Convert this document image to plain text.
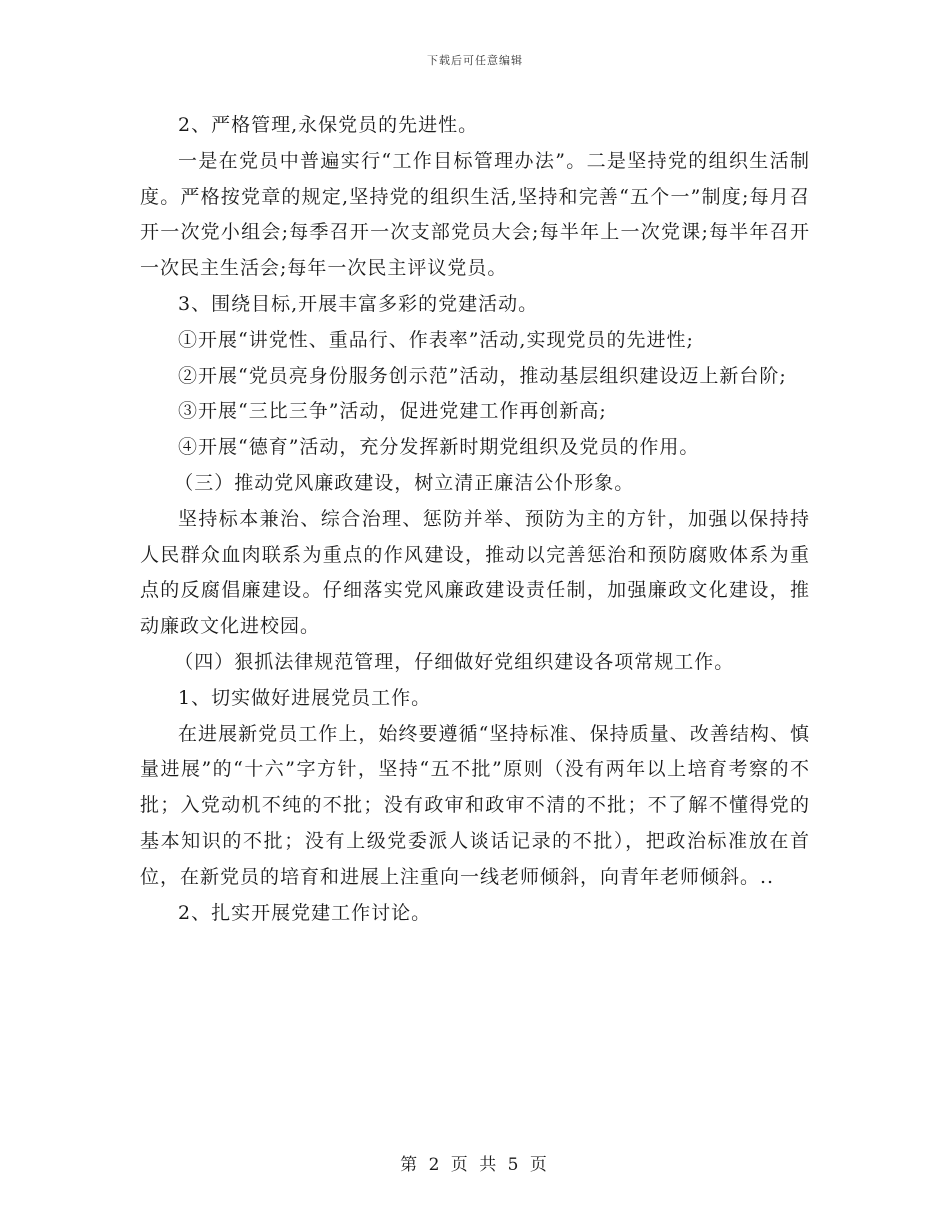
下载后可任意编辑

2、严格管理,永保党员的先进性。

一是在党员中普遍实行“工作目标管理办法”。二是坚持党的组织生活制度。严格按党章的规定,坚持党的组织生活,坚持和完善“五个一”制度;每月召开一次党小组会;每季召开一次支部党员大会;每半年上一次党课;每半年召开一次民主生活会;每年一次民主评议党员。

3、围绕目标,开展丰富多彩的党建活动。

①开展“讲党性、重品行、作表率”活动,实现党员的先进性;

②开展“党员亮身份服务创示范”活动，推动基层组织建设迈上新台阶;

③开展“三比三争”活动，促进党建工作再创新高;

④开展“德育”活动，充分发挥新时期党组织及党员的作用。

（三）推动党风廉政建设，树立清正廉洁公仆形象。

坚持标本兼治、综合治理、惩防并举、预防为主的方针，加强以保持持人民群众血肉联系为重点的作风建设，推动以完善惩治和预防腐败体系为重点的反腐倡廉建设。仔细落实党风廉政建设责任制，加强廉政文化建设，推动廉政文化进校园。

（四）狠抓法律规范管理，仔细做好党组织建设各项常规工作。

1、切实做好进展党员工作。

在进展新党员工作上，始终要遵循“坚持标准、保持质量、改善结构、慎量进展”的“十六”字方针，坚持“五不批”原则（没有两年以上培育考察的不批；入党动机不纯的不批；没有政审和政审不清的不批；不了解不懂得党的基本知识的不批；没有上级党委派人谈话记录的不批），把政治标准放在首位，在新党员的培育和进展上注重向一线老师倾斜，向青年老师倾斜。..

2、扎实开展党建工作讨论。

第 2 页 共 5 页
